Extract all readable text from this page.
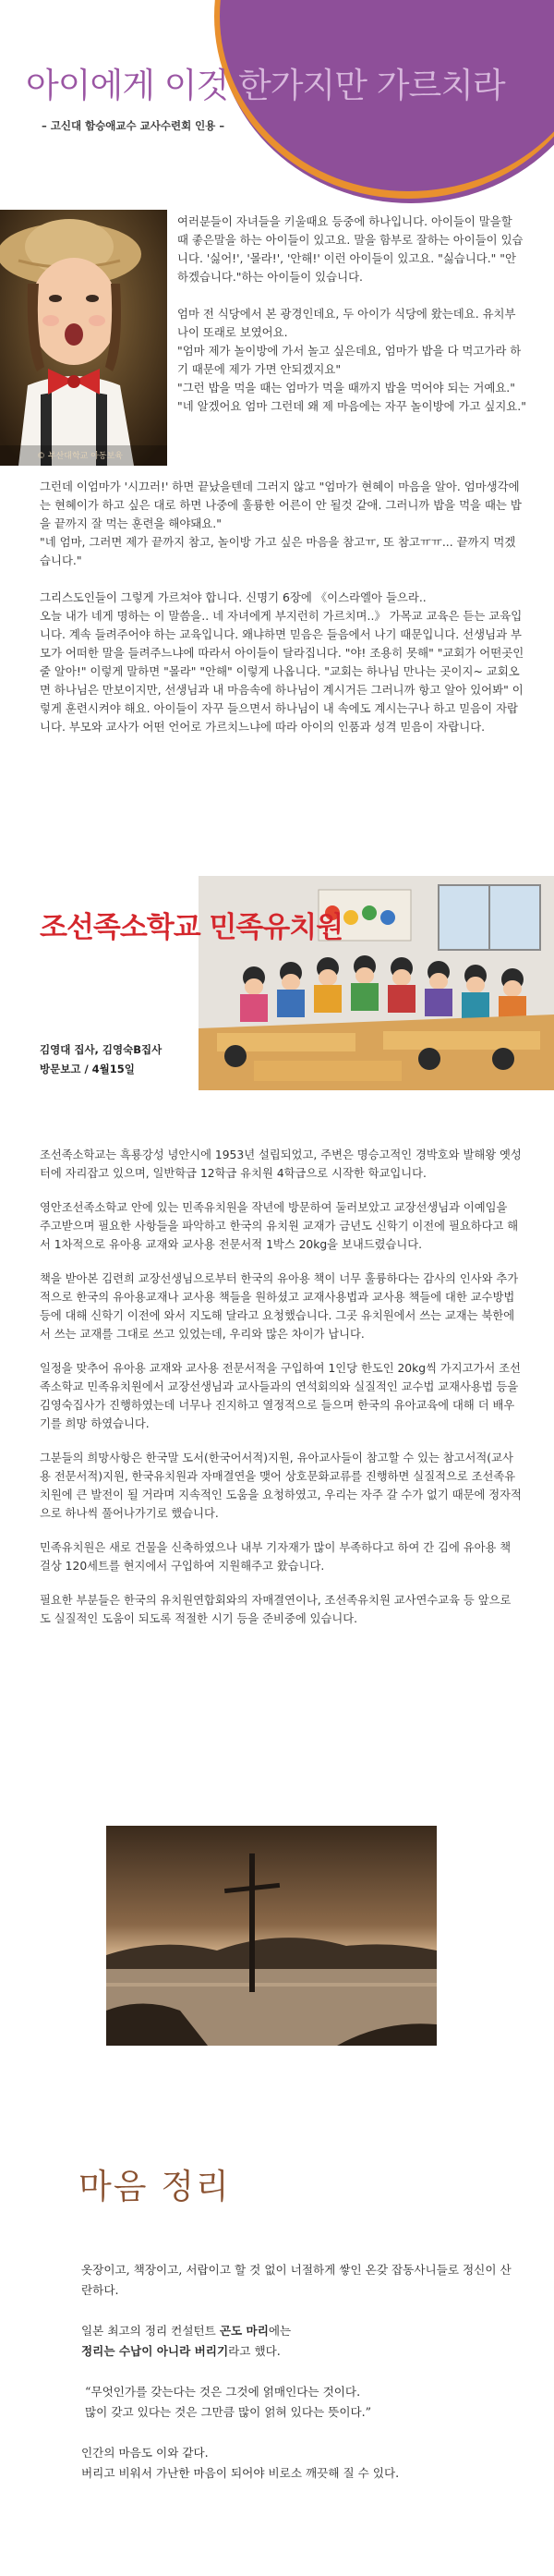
아이에게 이것 한가지만 가르치라
– 고신대 함승애교수 교사수련회 인용 –
© 부산대학교 아동보육

여러분들이 자녀들을 키울때요 등중에 하나입니다. 아이들이 말을할 때 좋은말을 하는 아이들이 있고요. 말을 함부로 잘하는 아이들이 있습니다. '싫어!', '몰라!', '안해!' 이런 아이들이 있고요. "싫습니다." "안하겠습니다."하는 아이들이 있습니다.

엄마 전 식당에서 본 광경인데요, 두 아이가 식당에 왔는데요. 유치부나이 또래로 보였어요.
"엄마 제가 놀이방에 가서 놀고 싶은데요, 엄마가 밥을 다 먹고가라 하기 때문에 제가 가면 안되겠지요"
"그런 밥을 먹을 때는 엄마가 먹을 때까지 밥을 먹어야 되는 거예요."
"네 알겠어요 엄마 그런데 왜 제 마음에는 자꾸 놀이방에 가고 싶지요."

그런데 이엄마가 '시끄러!' 하면 끝났을텐데 그러지 않고 "엄마가 현혜이 마음을 알아. 엄마생각에는 현혜이가 하고 싶은 대로 하면 나중에 훌륭한 어른이 안 될것 같애. 그러니까 밥을 먹을 때는 밥을 끝까지 잘 먹는 훈련을 해야돼요."
"네 엄마, 그러면 제가 끝까지 참고, 놀이방 가고 싶은 마음을 참고ㅠ, 또 참고ㅠㅠ... 끝까지 먹겠습니다."

그리스도인들이 그렇게 가르쳐야 합니다. 신명기 6장에 《이스라엘아 들으라..
오늘 내가 네게 명하는 이 말씀을.. 네 자녀에게 부지런히 가르치며..》 가목교 교육은 듣는 교육입니다. 계속 들려주어야 하는 교육입니다. 왜냐하면 믿음은 들음에서 나기 때문입니다. 선생님과 부모가 어떠한 말을 들려주느냐에 따라서 아이들이 달라집니다. "야! 조용히 못해" "교회가 어떤곳인줄 알아!" 이렇게 말하면 "몰라" "안해" 이렇게 나옵니다. "교회는 하나님 만나는 곳이지~ 교회오면 하나님은 만보이지만, 선생님과 내 마음속에 하나님이 계시거든 그러니까 항고 알아 있어봐" 이렇게 훈련시켜야 해요. 아이들이 자꾸 들으면서 하나님이 내 속에도 계시는구나 하고 믿음이 자랍니다. 부모와 교사가 어떤 언어로 가르치느냐에 따라 아이의 인품과 성격 믿음이 자랍니다.

조선족소학교 민족유치원
김영대 집사, 김영숙B집사
방문보고 / 4월15일

조선족소학교는 흑룡강성 녕안시에 1953년 설립되었고, 주변은 명승고적인 경박호와 발해왕 옛성터에 자리잡고 있으며, 일반학급 12학급 유치원 4학급으로 시작한 학교입니다.

영안조선족소학교 안에 있는 민족유치원을 작년에 방문하여 둘러보았고 교장선생님과 이예임을 주고받으며 필요한 사항들을 파악하고 한국의 유치원 교재가 금년도 신학기 이전에 필요하다고 해서 1차적으로 유아용 교재와 교사용 전문서적 1박스 20kg을 보내드렸습니다.

책을 받아본 김련희 교장선생님으로부터 한국의 유아용 책이 너무 훌륭하다는 감사의 인사와 추가적으로 한국의 유아용교재나 교사용 책들을 원하셨고 교재사용법과 교사용 책들에 대한 교수방법등에 대해 신학기 이전에 와서 지도해 달라고 요청했습니다. 그곳 유치원에서 쓰는 교재는 북한에서 쓰는 교재를 그대로 쓰고 있었는데, 우리와 많은 차이가 납니다.

일정을 맞추어 유아용 교재와 교사용 전문서적을 구입하여 1인당 한도인 20kg씩 가지고가서 조선족소학교 민족유치원에서 교장선생님과 교사들과의 연석회의와 실질적인 교수법 교재사용법 등을 김영숙집사가 진행하였는데 너무나 진지하고 열정적으로 들으며 한국의 유아교육에 대해 더 배우기를 희망 하였습니다.

그분들의 희망사항은 한국말 도서(한국어서적)지원, 유아교사들이 참고할 수 있는 참고서적(교사용 전문서적)지원, 한국유치원과 자매결연을 맺어 상호문화교류를 진행하면 실질적으로 조선족유치원에 큰 발전이 될 거라며 지속적인 도움을 요청하였고, 우리는 자주 갈 수가 없기 때문에 정자적으로 하나씩 풀어나가기로 했습니다.

민족유치원은 새로 건물을 신축하였으나 내부 기자재가 많이 부족하다고 하여 간 김에 유아용 책걸상 120세트를 현지에서 구입하여 지원해주고 왔습니다.

필요한 부분들은 한국의 유치원연합회와의 자매결연이나, 조선족유치원 교사연수교육 등 앞으로도 실질적인 도움이 되도록 적절한 시기 등을 준비중에 있습니다.

마음 정리

옷장이고, 책장이고, 서랍이고 할 것 없이 너절하게 쌓인 온갖 잡동사니들로 정신이 산란하다.

일본 최고의 정리 컨설턴트 곤도 마리에는
정리는 수납이 아니라 버리기라고 했다.

“무엇인가를 갖는다는 것은 그것에 얽매인다는 것이다.
많이 갖고 있다는 것은 그만큼 많이 얽혀 있다는 뜻이다.”

인간의 마음도 이와 같다.
버리고 비워서 가난한 마음이 되어야 비로소 깨끗해 질 수 있다.
